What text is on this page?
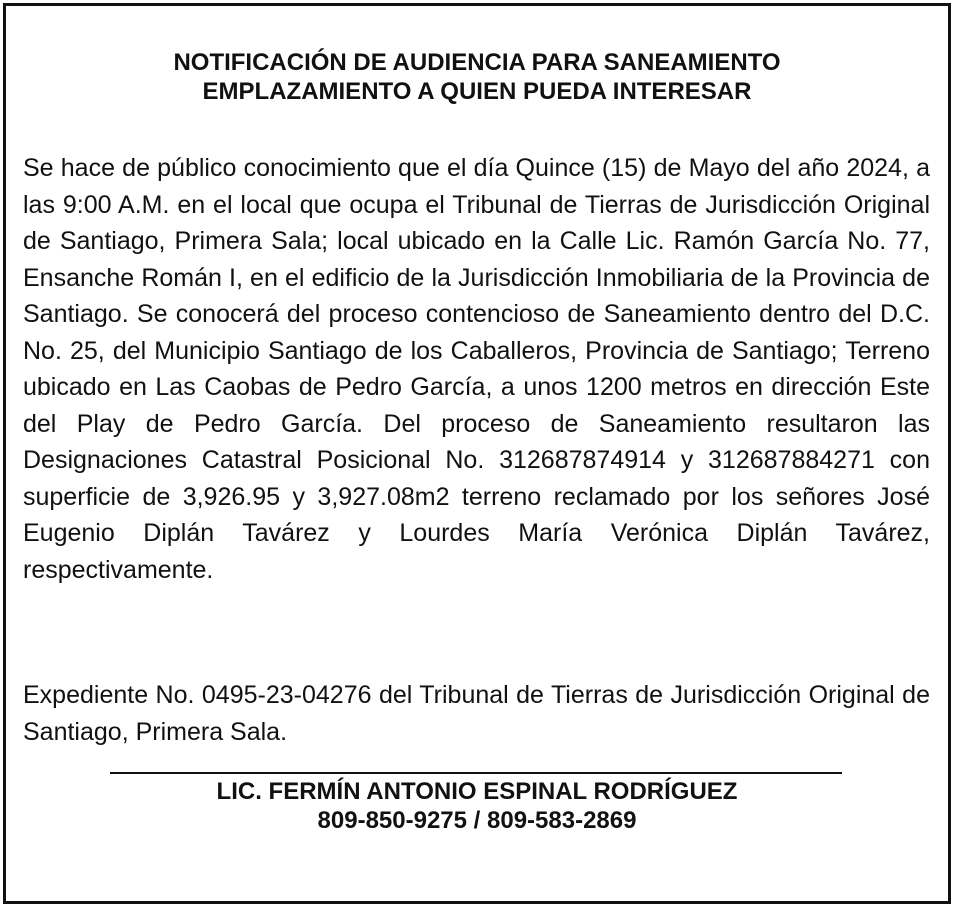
NOTIFICACIÓN DE AUDIENCIA PARA SANEAMIENTO
EMPLAZAMIENTO A QUIEN PUEDA INTERESAR

Se hace de público conocimiento que el día Quince (15) de Mayo del año 2024, a las 9:00 A.M. en el local que ocupa el Tribunal de Tierras de Jurisdicción Original de Santiago, Primera Sala; local ubicado en la Calle Lic. Ramón García No. 77, Ensanche Román I, en el edificio de la Jurisdicción Inmobiliaria de la Provincia de Santiago. Se conocerá del proceso contencioso de Saneamiento dentro del D.C. No. 25, del Municipio Santiago de los Caballeros, Provincia de Santiago; Terreno ubicado en Las Caobas de Pedro García, a unos 1200 metros en dirección Este del Play de Pedro García. Del proceso de Saneamiento resultaron las Designaciones Catastral Posicional No. 312687874914 y 312687884271 con superficie de 3,926.95 y 3,927.08m2 terreno reclamado por los señores José Eugenio Diplán Tavárez y Lourdes María Verónica Diplán Tavárez, respectivamente.

Expediente No. 0495-23-04276 del Tribunal de Tierras de Jurisdicción Original de Santiago, Primera Sala.

LIC. FERMÍN ANTONIO ESPINAL RODRÍGUEZ
809-850-9275 / 809-583-2869
